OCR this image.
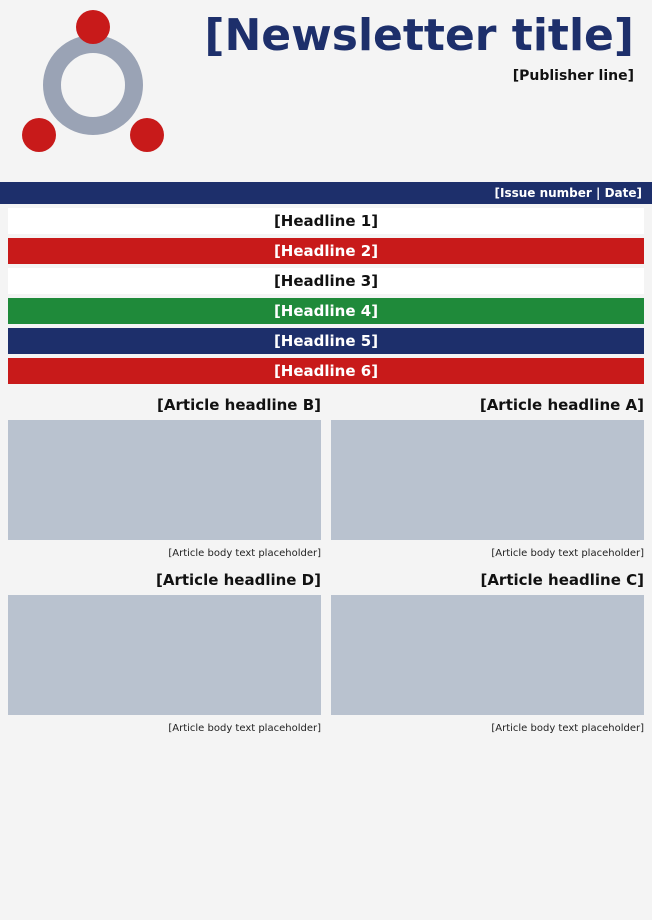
[Newsletter title]
[Publisher line]
[Issue number | Date]
[Headline 1]
[Headline 2]
[Headline 3]
[Headline 4]
[Headline 5]
[Headline 6]
[Article headline A]

[Article body text placeholder]

[Article headline B]

[Article body text placeholder]

[Article headline C]

[Article body text placeholder]

[Article headline D]

[Article body text placeholder]
